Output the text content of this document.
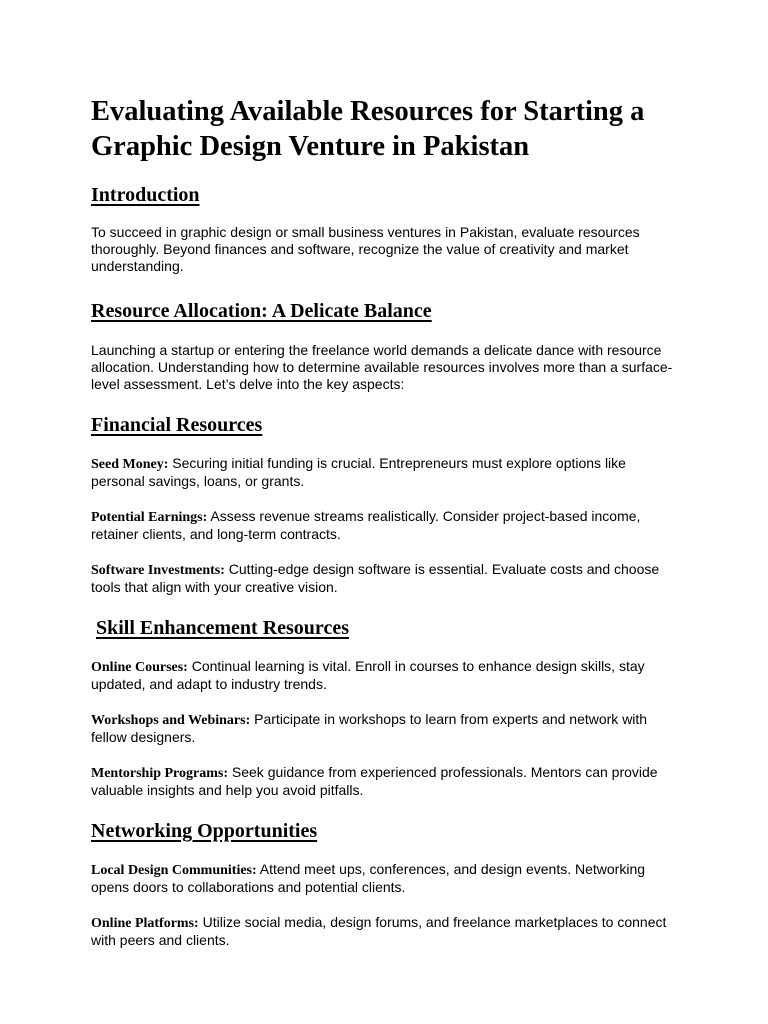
Evaluating Available Resources for Starting a Graphic Design Venture in Pakistan
Introduction

To succeed in graphic design or small business ventures in Pakistan, evaluate resources thoroughly. Beyond finances and software, recognize the value of creativity and market understanding.

Resource Allocation: A Delicate Balance

Launching a startup or entering the freelance world demands a delicate dance with resource allocation. Understanding how to determine available resources involves more than a surface-level assessment. Let’s delve into the key aspects:

Financial Resources

Seed Money: Securing initial funding is crucial. Entrepreneurs must explore options like personal savings, loans, or grants.

Potential Earnings: Assess revenue streams realistically. Consider project-based income, retainer clients, and long-term contracts.

Software Investments: Cutting-edge design software is essential. Evaluate costs and choose tools that align with your creative vision.

Skill Enhancement Resources

Online Courses: Continual learning is vital. Enroll in courses to enhance design skills, stay updated, and adapt to industry trends.

Workshops and Webinars: Participate in workshops to learn from experts and network with fellow designers.

Mentorship Programs: Seek guidance from experienced professionals. Mentors can provide valuable insights and help you avoid pitfalls.

Networking Opportunities

Local Design Communities: Attend meet ups, conferences, and design events. Networking opens doors to collaborations and potential clients.

Online Platforms: Utilize social media, design forums, and freelance marketplaces to connect with peers and clients.
